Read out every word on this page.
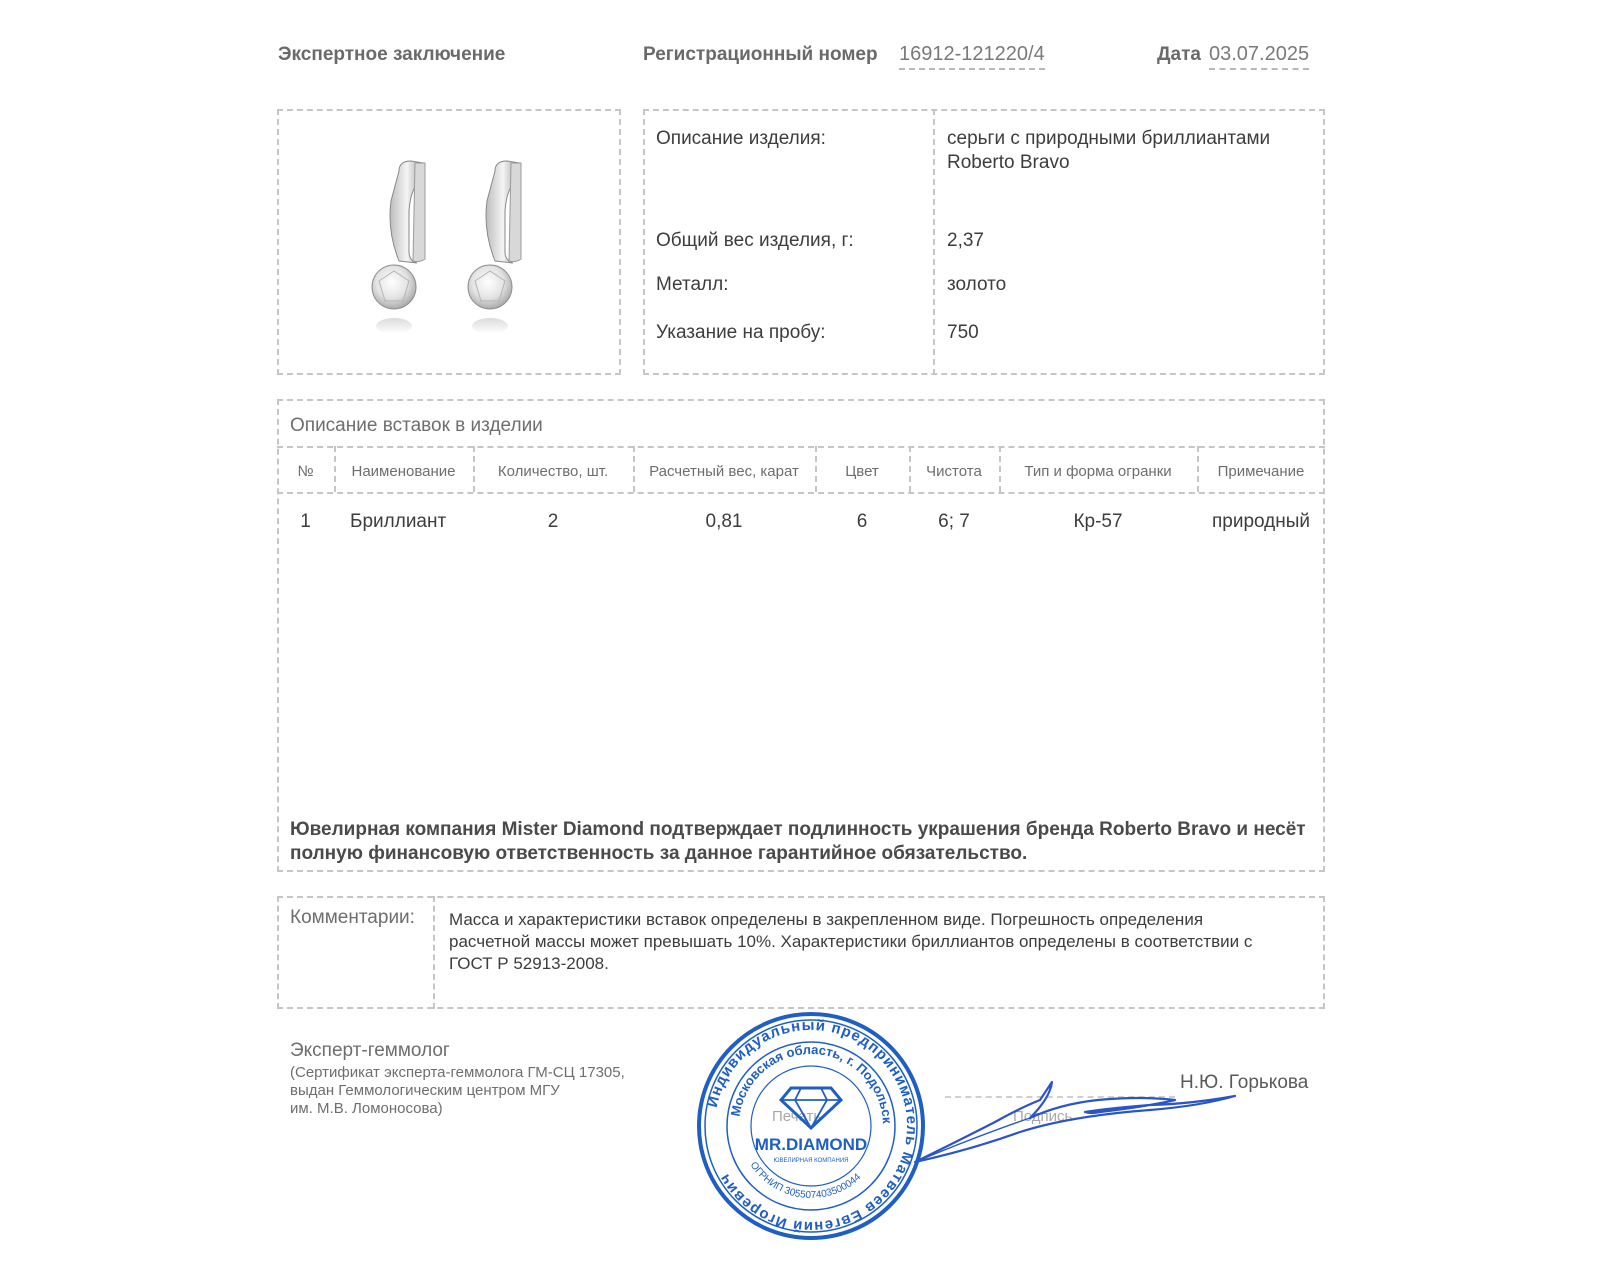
Экспертное заключение	Регистрационный номер 16912-121220/4	Дата 03.07.2025
Описание изделия:	серьги с природными бриллиантами
Roberto Bravo
Общий вес изделия, г:	2,37
Металл:	золото
Указание на пробу:	750
Описание вставок в изделии
№	Наименование	Количество, шт.	Расчетный вес, карат	Цвет	Чистота	Тип и форма огранки	Примечание
1	Бриллиант	2	0,81	6	6; 7	Кр-57	природный
Ювелирная компания Mister Diamond подтверждает подлинность украшения бренда Roberto Bravo и несёт
полную финансовую ответственность за данное гарантийное обязательство.
Комментарии: Масса и характеристики вставок определены в закрепленном виде. Погрешность определения
расчетной массы может превышать 10%. Характеристики бриллиантов определены в соответствии с
ГОСТ Р 52913-2008.
Эксперт-геммолог
(Сертификат эксперта-геммолога ГМ-СЦ 17305,
выдан Геммологическим центром МГУ
им. М.В. Ломоносова)	Печать	Подпись
Н.Ю. Горькова
Индивидуальный предприниматель Матвеев Евгений Игоревич
Московская область, г. Подольск
ОГРНИП 305507403500044
MR.DIAMOND
ЮВЕЛИРНАЯ КОМПАНИЯ
